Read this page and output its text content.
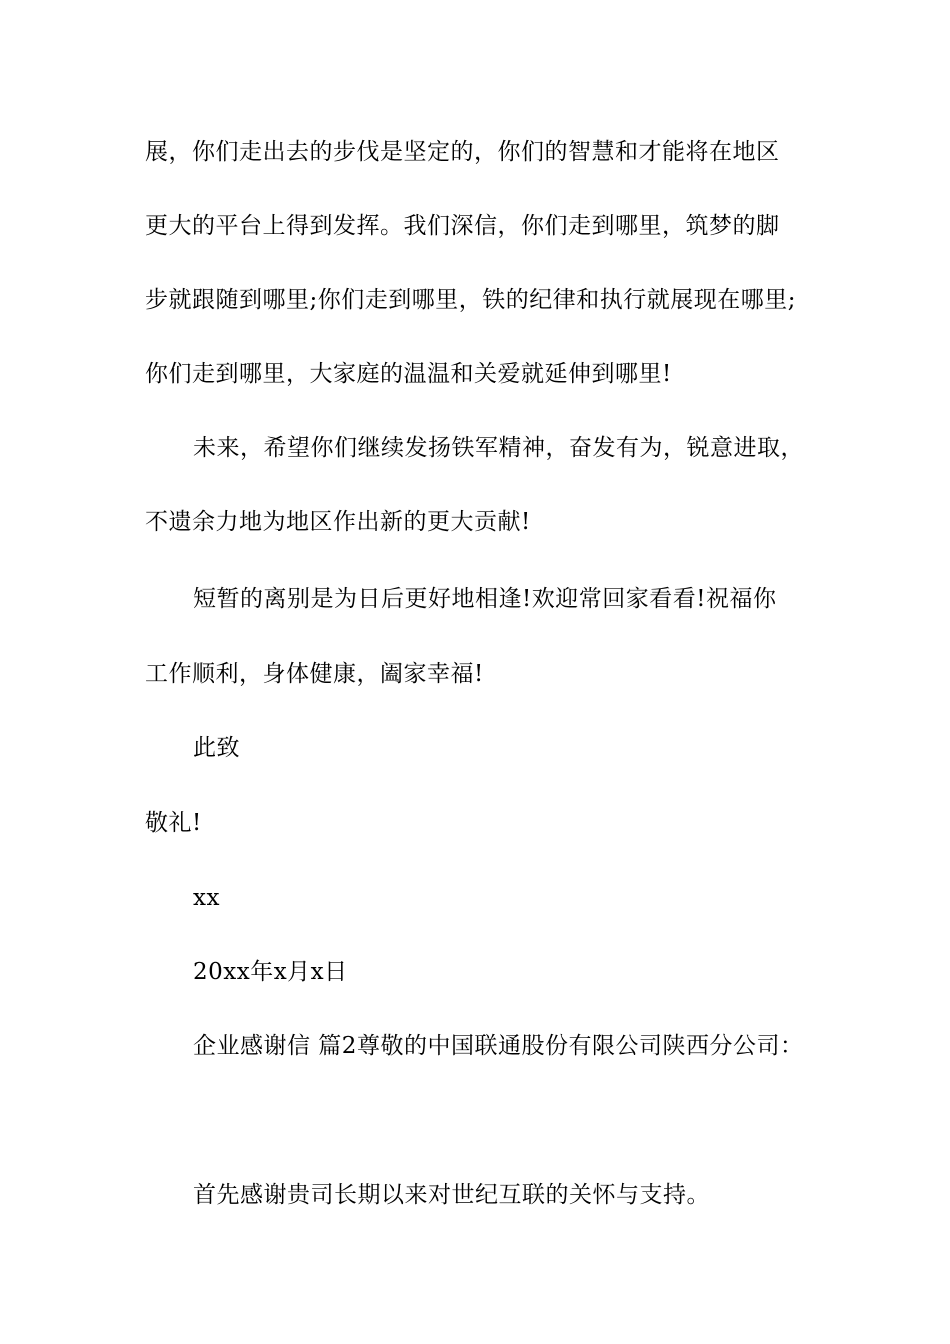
展，你们走出去的步伐是坚定的，你们的智慧和才能将在地区
更大的平台上得到发挥。我们深信，你们走到哪里，筑梦的脚
步就跟随到哪里;你们走到哪里，铁的纪律和执行就展现在哪里;
你们走到哪里，大家庭的温温和关爱就延伸到哪里!
未来，希望你们继续发扬铁军精神，奋发有为，锐意进取，
不遗余力地为地区作出新的更大贡献!
短暂的离别是为日后更好地相逢!欢迎常回家看看!祝福你
工作顺利，身体健康，阖家幸福!
此致
敬礼!
xx
20xx年x月x日
企业感谢信 篇2尊敬的中国联通股份有限公司陕西分公司：
首先感谢贵司长期以来对世纪互联的关怀与支持。
